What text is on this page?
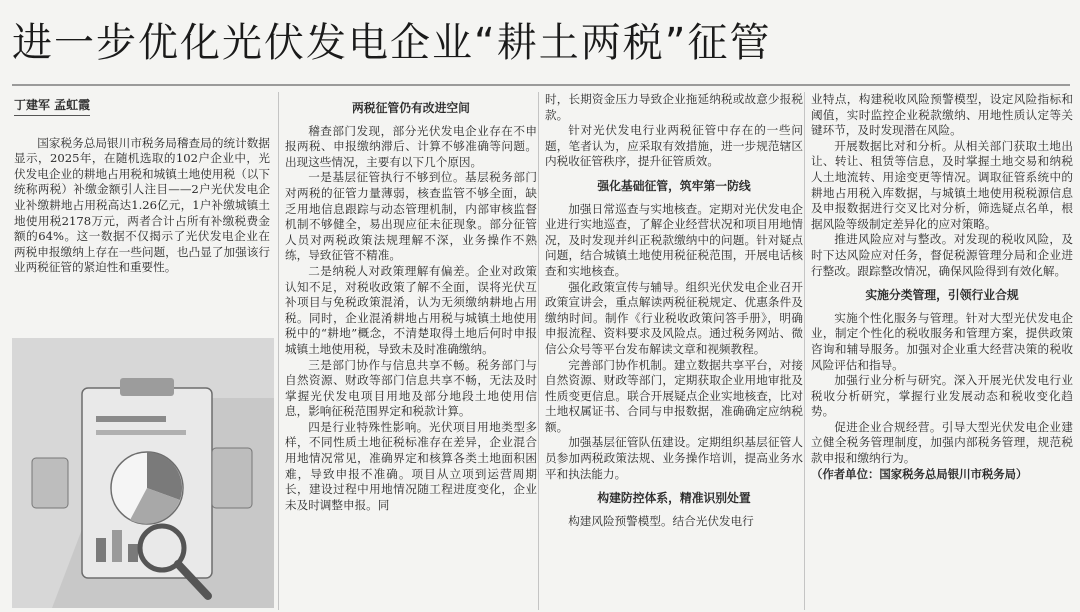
进一步优化光伏发电企业“耕土两税”征管
丁建军 孟虹霞

国家税务总局银川市税务局稽查局的统计数据显示，2025年，在随机选取的102户企业中，光伏发电企业的耕地占用税和城镇土地使用税（以下统称两税）补缴金额引人注目——2户光伏发电企业补缴耕地占用税高达1.26亿元，1户补缴城镇土地使用税2178万元，两者合计占所有补缴税费金额的64%。这一数据不仅揭示了光伏发电企业在两税申报缴纳上存在一些问题，也凸显了加强该行业两税征管的紧迫性和重要性。

两税征管仍有改进空间

稽查部门发现，部分光伏发电企业存在不申报两税、申报缴纳滞后、计算不够准确等问题。出现这些情况，主要有以下几个原因。

一是基层征管执行不够到位。基层税务部门对两税的征管力量薄弱，核查监管不够全面，缺乏用地信息跟踪与动态管理机制，内部审核监督机制不够健全，易出现应征未征现象。部分征管人员对两税政策法规理解不深，业务操作不熟练，导致征管不精准。

二是纳税人对政策理解有偏差。企业对政策认知不足，对税收政策了解不全面，误将光伏互补项目与免税政策混淆，认为无须缴纳耕地占用税。同时，企业混淆耕地占用税与城镇土地使用税中的“耕地”概念，不清楚取得土地后何时申报城镇土地使用税，导致未及时准确缴纳。

三是部门协作与信息共享不畅。税务部门与自然资源、财政等部门信息共享不畅，无法及时掌握光伏发电项目用地及部分地段土地使用信息，影响征税范围界定和税款计算。

四是行业特殊性影响。光伏项目用地类型多样，不同性质土地征税标准存在差异，企业混合用地情况常见，准确界定和核算各类土地面积困难，导致申报不准确。项目从立项到运营周期长，建设过程中用地情况随工程进度变化，企业未及时调整申报。同

时，长期资金压力导致企业拖延纳税或故意少报税款。

针对光伏发电行业两税征管中存在的一些问题，笔者认为，应采取有效措施，进一步规范辖区内税收征管秩序，提升征管质效。

强化基础征管，筑牢第一防线

加强日常巡查与实地核查。定期对光伏发电企业进行实地巡查，了解企业经营状况和项目用地情况，及时发现并纠正税款缴纳中的问题。针对疑点问题，结合城镇土地使用税征税范围，开展电话核查和实地核查。

强化政策宣传与辅导。组织光伏发电企业召开政策宣讲会，重点解读两税征税规定、优惠条件及缴纳时间。制作《行业税收政策问答手册》，明确申报流程、资料要求及风险点。通过税务网站、微信公众号等平台发布解读文章和视频教程。

完善部门协作机制。建立数据共享平台，对接自然资源、财政等部门，定期获取企业用地审批及性质变更信息。联合开展疑点企业实地核查，比对土地权属证书、合同与申报数据，准确确定应纳税额。

加强基层征管队伍建设。定期组织基层征管人员参加两税政策法规、业务操作培训，提高业务水平和执法能力。

构建防控体系，精准识别处置

构建风险预警模型。结合光伏发电行

业特点，构建税收风险预警模型，设定风险指标和阈值，实时监控企业税款缴纳、用地性质认定等关键环节，及时发现潜在风险。

开展数据比对和分析。从相关部门获取土地出让、转让、租赁等信息，及时掌握土地交易和纳税人土地流转、用途变更等情况。调取征管系统中的耕地占用税入库数据，与城镇土地使用税税源信息及申报数据进行交叉比对分析，筛选疑点名单，根据风险等级制定差异化的应对策略。

推进风险应对与整改。对发现的税收风险，及时下达风险应对任务，督促税源管理分局和企业进行整改。跟踪整改情况，确保风险得到有效化解。

实施分类管理，引领行业合规

实施个性化服务与管理。针对大型光伏发电企业，制定个性化的税收服务和管理方案，提供政策咨询和辅导服务。加强对企业重大经营决策的税收风险评估和指导。

加强行业分析与研究。深入开展光伏发电行业税收分析研究，掌握行业发展动态和税收变化趋势。

促进企业合规经营。引导大型光伏发电企业建立健全税务管理制度，加强内部税务管理，规范税款申报和缴纳行为。

（作者单位：国家税务总局银川市税务局）
